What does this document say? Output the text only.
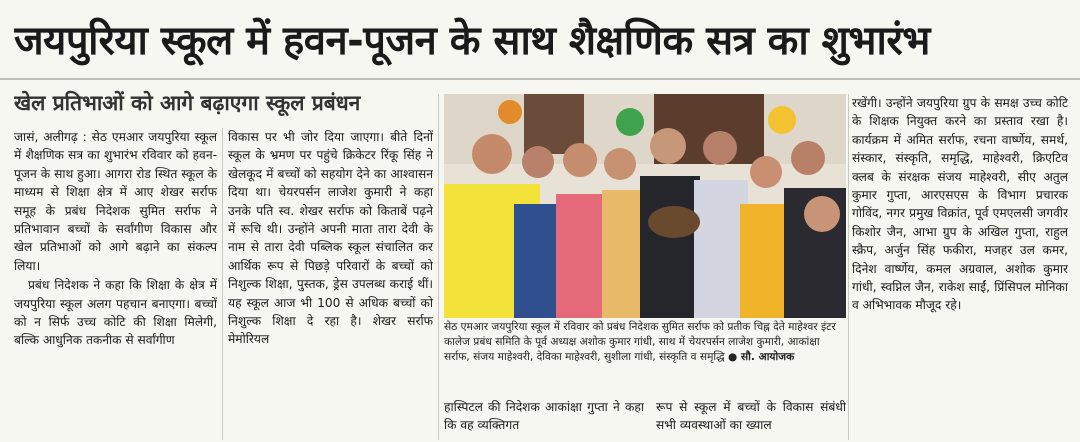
जयपुरिया स्कूल में हवन-पूजन के साथ शैक्षणिक सत्र का शुभारंभ
खेल प्रतिभाओं को आगे बढ़ाएगा स्कूल प्रबंधन

जासं, अलीगढ़ : सेठ एमआर जयपुरिया स्कूल में शैक्षणिक सत्र का शुभारंभ रविवार को हवन-पूजन के साथ हुआ। आगरा रोड स्थित स्कूल के माध्यम से शिक्षा क्षेत्र में आए शेखर सर्राफ समूह के प्रबंध निदेशक सुमित सर्राफ ने प्रतिभावान बच्चों के सर्वांगीण विकास और खेल प्रतिभाओं को आगे बढ़ाने का संकल्प लिया।

प्रबंध निदेशक ने कहा कि शिक्षा के क्षेत्र में जयपुरिया स्कूल अलग पहचान बनाएगा। बच्चों को न सिर्फ उच्च कोटि की शिक्षा मिलेगी, बल्कि आधुनिक तकनीक से सर्वांगीण

विकास पर भी जोर दिया जाएगा। बीते दिनों स्कूल के भ्रमण पर पहुंचे क्रिकेटर रिंकू सिंह ने खेलकूद में बच्चों को सहयोग देने का आश्वासन दिया था। चेयरपर्सन लाजेश कुमारी ने कहा उनके पति स्व. शेखर सर्राफ को किताबें पढ़ने में रूचि थी। उन्होंने अपनी माता तारा देवी के नाम से तारा देवी पब्लिक स्कूल संचालित कर आर्थिक रूप से पिछड़े परिवारों के बच्चों को निशुल्क शिक्षा, पुस्तक, ड्रेस उपलब्ध कराई थीं। यह स्कूल आज भी 100 से अधिक बच्चों को निशुल्क शिक्षा दे रहा है। शेखर सर्राफ मेमोरियल

सेठ एमआर जयपुरिया स्कूल में रविवार को प्रबंध निदेशक सुमित सर्राफ को प्रतीक चिह्न देते माहेश्वर इंटर कालेज प्रबंध समिति के पूर्व अध्यक्ष अशोक कुमार गांधी, साथ में चेयरपर्सन लाजेश कुमारी, आकांक्षा सर्राफ, संजय माहेश्वरी, देविका माहेश्वरी, सुशीला गांधी, संस्कृति व समृद्धि ● सौ. आयोजक

हास्पिटल की निदेशक आकांक्षा गुप्ता ने कहा कि वह व्यक्तिगत

रूप से स्कूल में बच्चों के विकास संबंधी सभी व्यवस्थाओं का ख्याल

रखेंगी। उन्होंने जयपुरिया ग्रुप के समक्ष उच्च कोटि के शिक्षक नियुक्त करने का प्रस्ताव रखा है। कार्यक्रम में अमित सर्राफ, रचना वार्ष्णेय, समर्थ, संस्कार, संस्कृति, समृद्धि, माहेश्वरी, क्रिएटिव क्लब के संरक्षक संजय माहेश्वरी, सीए अतुल कुमार गुप्ता, आरएसएस के विभाग प्रचारक गोविंद, नगर प्रमुख विक्रांत, पूर्व एमएलसी जगवीर किशोर जैन, आभा ग्रुप के अखिल गुप्ता, राहुल स्क्रैप, अर्जुन सिंह फकीरा, मजहर उल कमर, दिनेश वार्ष्णेय, कमल अग्रवाल, अशोक कुमार गांधी, स्वप्निल जैन, राकेश साईं, प्रिंसिपल मोनिका व अभिभावक मौजूद रहे।
